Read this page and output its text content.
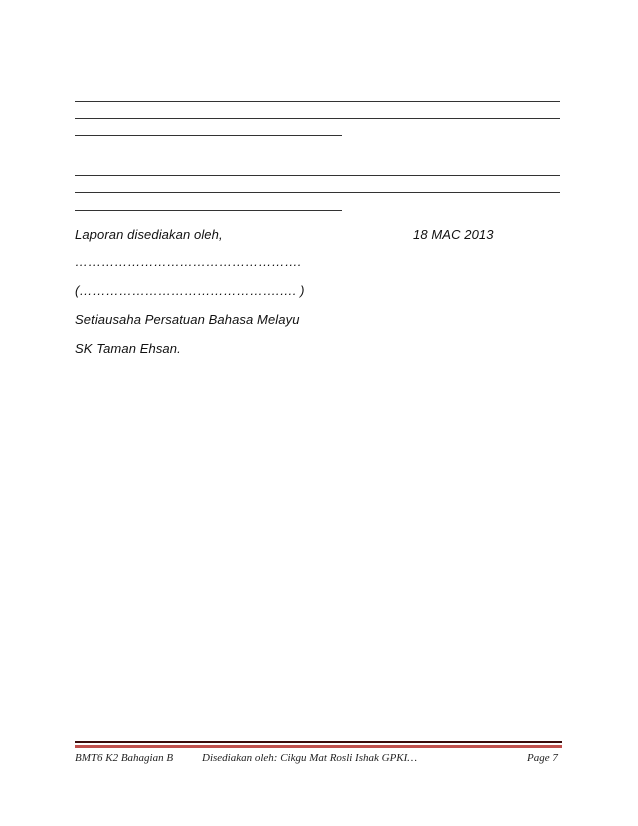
Laporan disediakan oleh,	18 MAC 2013
…………………………………………….
(……………………………………….…. )
Setiausaha Persatuan Bahasa Melayu
SK Taman Ehsan.
BMT6 K2 Bahagian B	Disediakan oleh: Cikgu Mat Rosli Ishak GPKI…	Page 7
